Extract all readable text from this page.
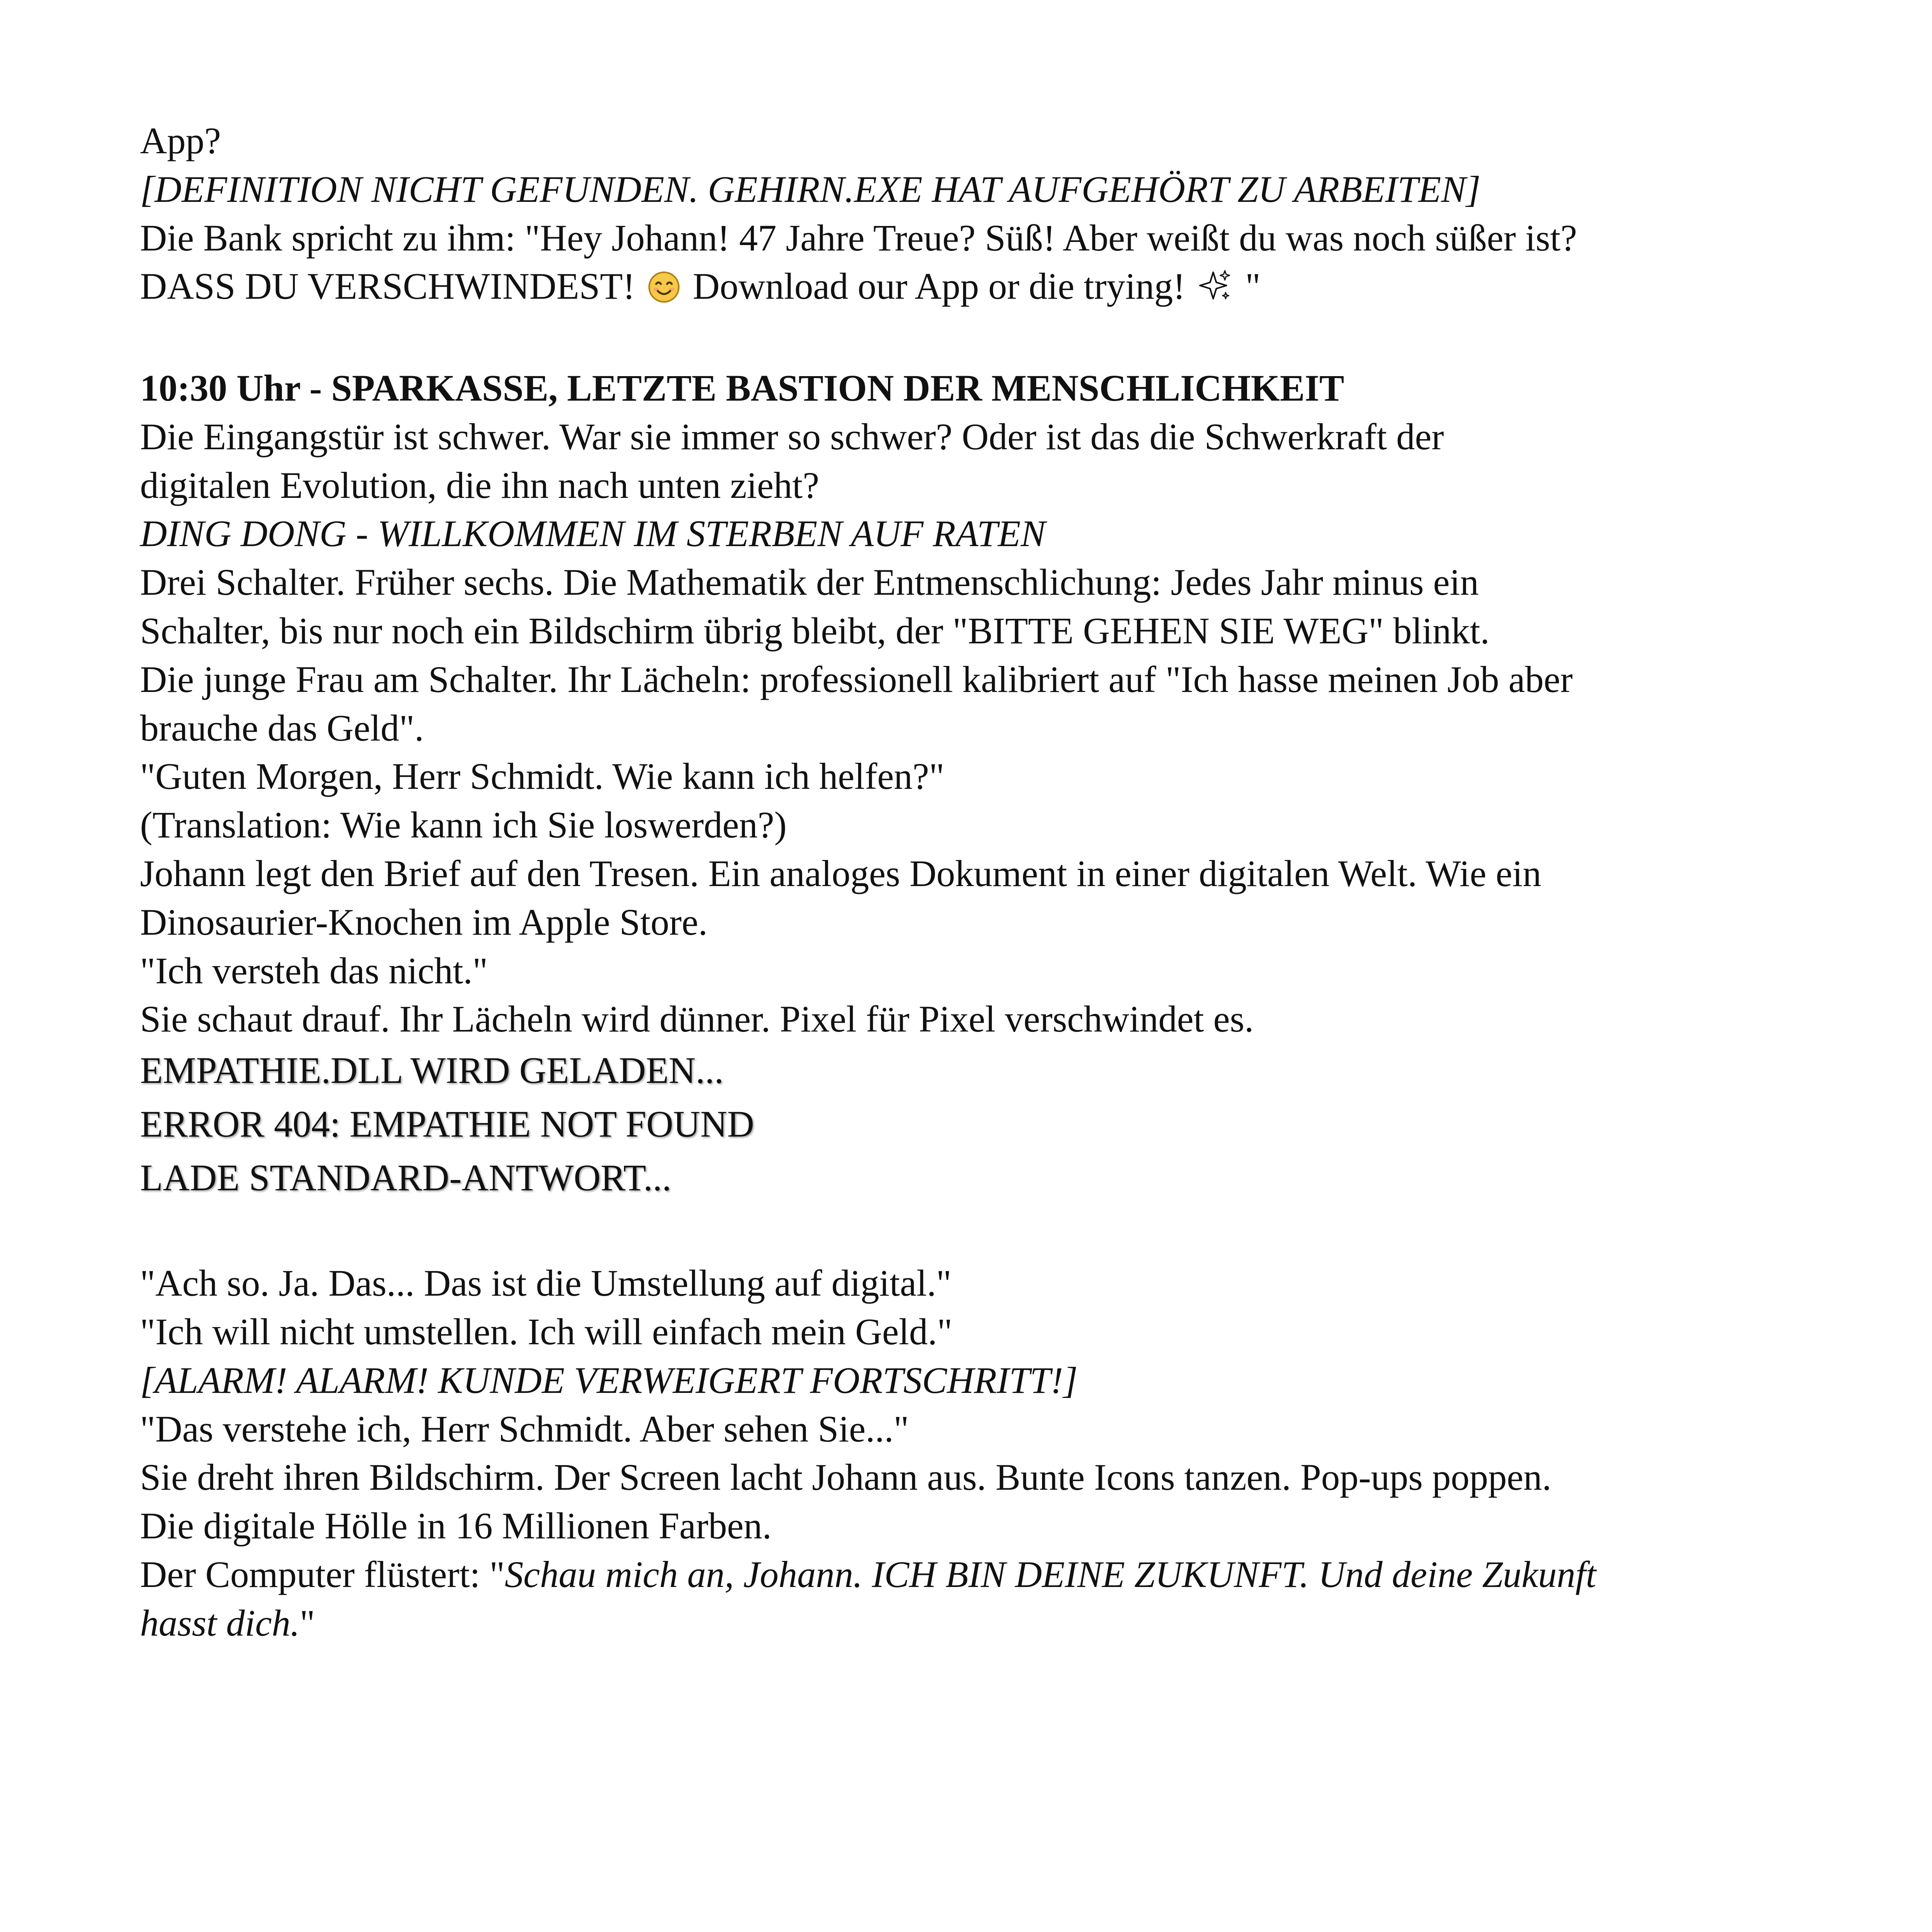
App?

[DEFINITION NICHT GEFUNDEN. GEHIRN.EXE HAT AUFGEHÖRT ZU ARBEITEN]

Die Bank spricht zu ihm: "Hey Johann! 47 Jahre Treue? Süß! Aber weißt du was noch süßer ist?

DASS DU VERSCHWINDEST! Download our App or die trying! "

10:30 Uhr - SPARKASSE, LETZTE BASTION DER MENSCHLICHKEIT

Die Eingangstür ist schwer. War sie immer so schwer? Oder ist das die Schwerkraft der

digitalen Evolution, die ihn nach unten zieht?

DING DONG - WILLKOMMEN IM STERBEN AUF RATEN

Drei Schalter. Früher sechs. Die Mathematik der Entmenschlichung: Jedes Jahr minus ein

Schalter, bis nur noch ein Bildschirm übrig bleibt, der "BITTE GEHEN SIE WEG" blinkt.

Die junge Frau am Schalter. Ihr Lächeln: professionell kalibriert auf "Ich hasse meinen Job aber

brauche das Geld".

"Guten Morgen, Herr Schmidt. Wie kann ich helfen?"

(Translation: Wie kann ich Sie loswerden?)

Johann legt den Brief auf den Tresen. Ein analoges Dokument in einer digitalen Welt. Wie ein

Dinosaurier-Knochen im Apple Store.

"Ich versteh das nicht."

Sie schaut drauf. Ihr Lächeln wird dünner. Pixel für Pixel verschwindet es.

EMPATHIE.DLL WIRD GELADEN...

ERROR 404: EMPATHIE NOT FOUND

LADE STANDARD-ANTWORT...

"Ach so. Ja. Das... Das ist die Umstellung auf digital."

"Ich will nicht umstellen. Ich will einfach mein Geld."

[ALARM! ALARM! KUNDE VERWEIGERT FORTSCHRITT!]

"Das verstehe ich, Herr Schmidt. Aber sehen Sie..."

Sie dreht ihren Bildschirm. Der Screen lacht Johann aus. Bunte Icons tanzen. Pop-ups poppen.

Die digitale Hölle in 16 Millionen Farben.

Der Computer flüstert: "Schau mich an, Johann. ICH BIN DEINE ZUKUNFT. Und deine Zukunft

hasst dich."
